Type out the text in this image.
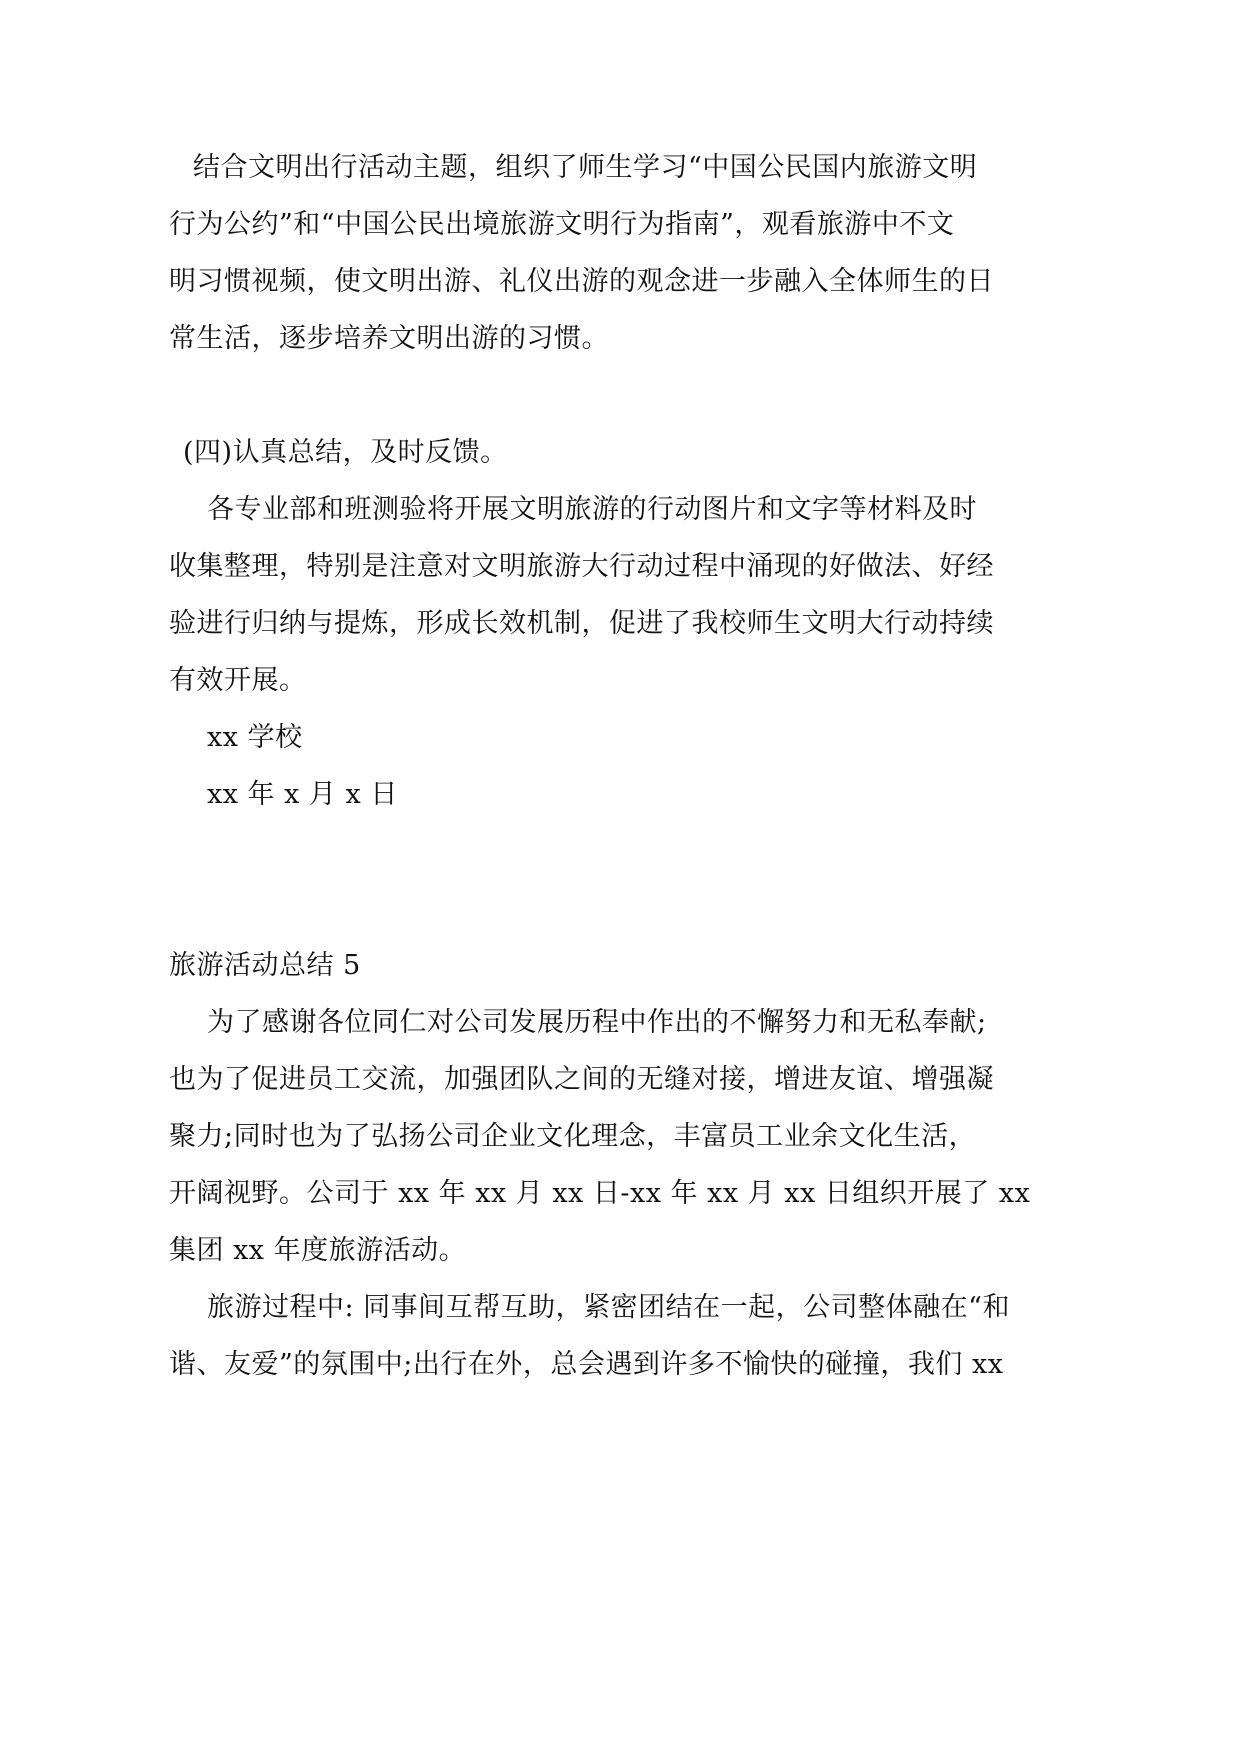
结合文明出行活动主题，组织了师生学习“中国公民国内旅游文明
行为公约”和“中国公民出境旅游文明行为指南”，观看旅游中不文
明习惯视频，使文明出游、礼仪出游的观念进一步融入全体师生的日
常生活，逐步培养文明出游的习惯。
(四)认真总结，及时反馈。
各专业部和班测验将开展文明旅游的行动图片和文字等材料及时
收集整理，特别是注意对文明旅游大行动过程中涌现的好做法、好经
验进行归纳与提炼，形成长效机制，促进了我校师生文明大行动持续
有效开展。
xx 学校
xx 年 x 月 x 日
旅游活动总结 5
为了感谢各位同仁对公司发展历程中作出的不懈努力和无私奉献;
也为了促进员工交流，加强团队之间的无缝对接，增进友谊、增强凝
聚力;同时也为了弘扬公司企业文化理念，丰富员工业余文化生活，
开阔视野。公司于 xx 年 xx 月 xx 日-xx 年 xx 月 xx 日组织开展了 xx
集团 xx 年度旅游活动。
旅游过程中: 同事间互帮互助，紧密团结在一起，公司整体融在“和
谐、友爱”的氛围中;出行在外，总会遇到许多不愉快的碰撞，我们 xx
